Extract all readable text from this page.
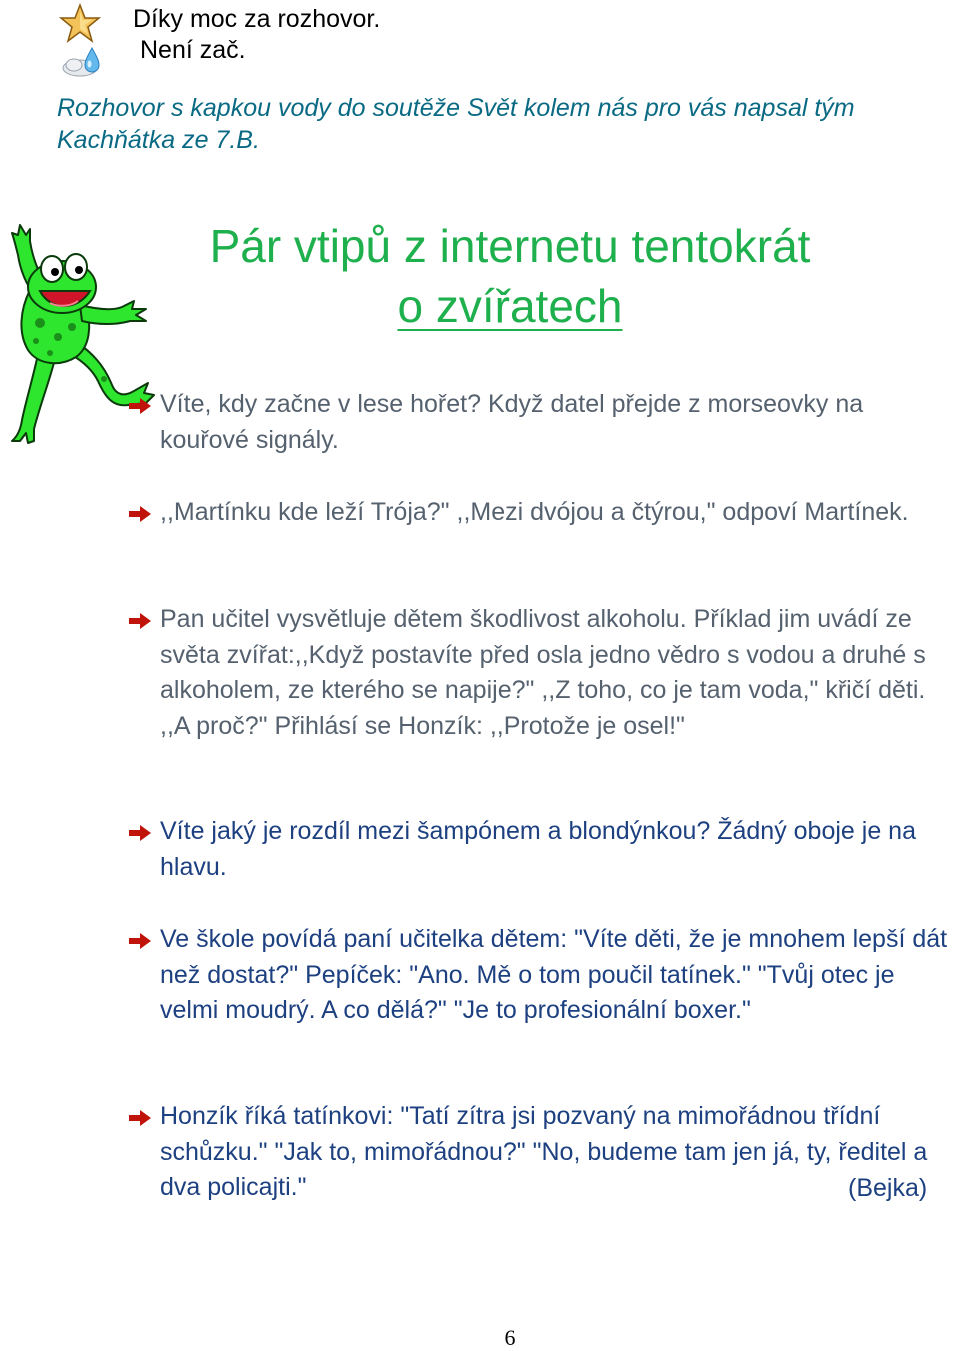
Díky moc za rozhovor.
Není zač.
Rozhovor s kapkou vody do soutěže Svět kolem nás pro vás napsal tým Kachňátka ze 7.B.
Pár vtipů z internetu tentokrát
o zvířatech
Víte, kdy začne v lese hořet? Když datel přejde z morseovky na kouřové signály.
,,Martínku kde leží Trója?" ,,Mezi dvójou a čtýrou," odpoví Martínek.
Pan učitel vysvětluje dětem škodlivost alkoholu. Příklad jim uvádí ze světa zvířat:,,Když postavíte před osla jedno vědro s vodou a druhé s alkoholem, ze kterého se napije?" ,,Z toho, co je tam voda," křičí děti. ,,A proč?" Přihlásí se Honzík: ,,Protože je osel!"
Víte jaký je rozdíl mezi šampónem a blondýnkou? Žádný oboje je na hlavu.
Ve škole povídá paní učitelka dětem: "Víte děti, že je mnohem lepší dát než dostat?" Pepíček: "Ano. Mě o tom poučil tatínek." "Tvůj otec je velmi moudrý. A co dělá?" "Je to profesionální boxer."
Honzík říká tatínkovi: "Tatí zítra jsi pozvaný na mimořádnou třídní schůzku." "Jak to, mimořádnou?" "No, budeme tam jen já, ty, ředitel a dva policajti."	(Bejka)
6
